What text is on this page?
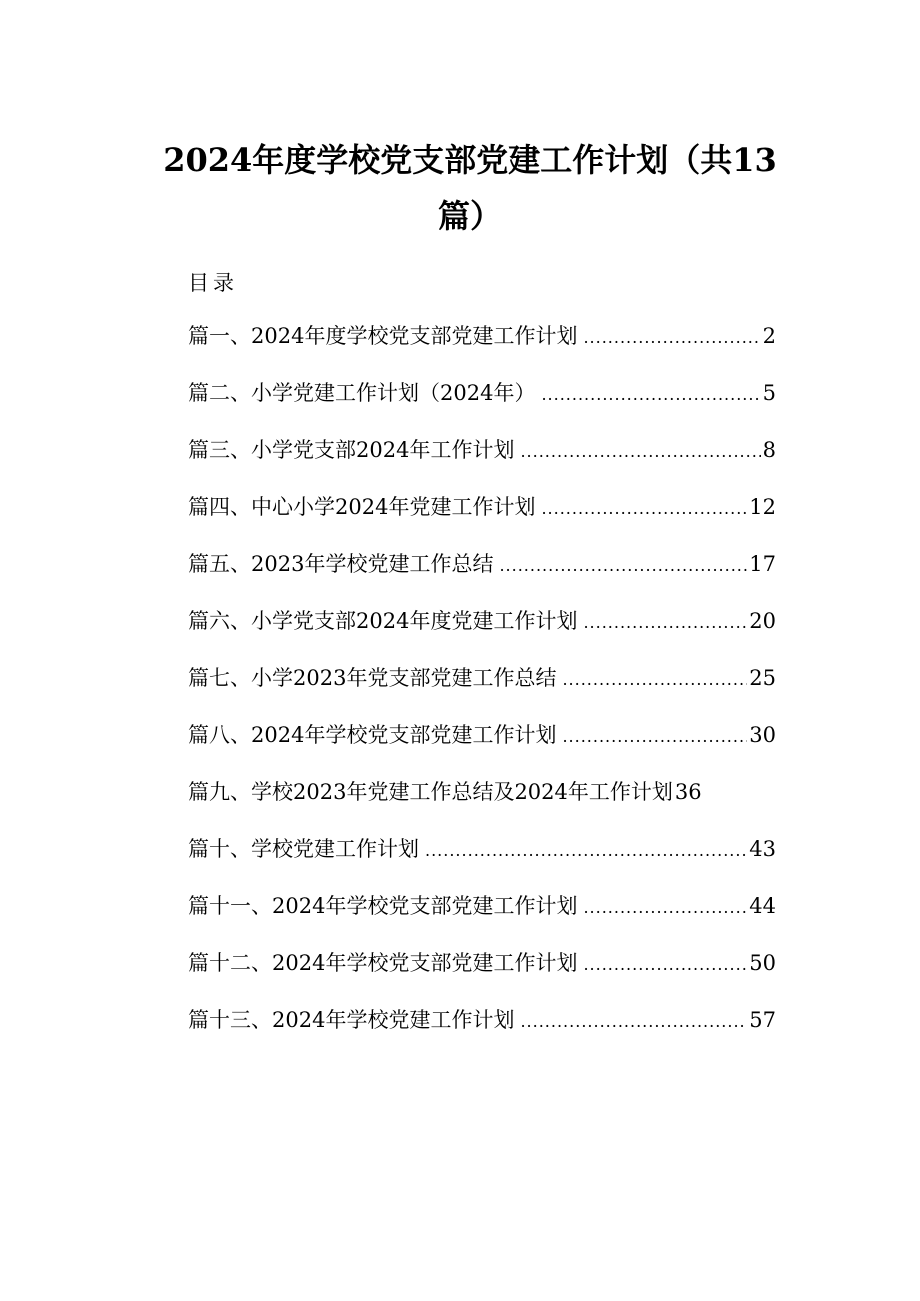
2024年度学校党支部党建工作计划（共13篇）
目录
篇一、2024年度学校党支部党建工作计划 .....	2
篇二、小学党建工作计划（2024年） .....	5
篇三、小学党支部2024年工作计划 .....	8
篇四、中心小学2024年党建工作计划 .....	12
篇五、2023年学校党建工作总结 .....	17
篇六、小学党支部2024年度党建工作计划 .....	20
篇七、小学2023年党支部党建工作总结 .....	25
篇八、2024年学校党支部党建工作计划 .....	30
篇九、学校2023年党建工作总结及2024年工作计划 36
篇十、学校党建工作计划 .....	43
篇十一、2024年学校党支部党建工作计划 .....	44
篇十二、2024年学校党支部党建工作计划 .....	50
篇十三、2024年学校党建工作计划 .....	57
